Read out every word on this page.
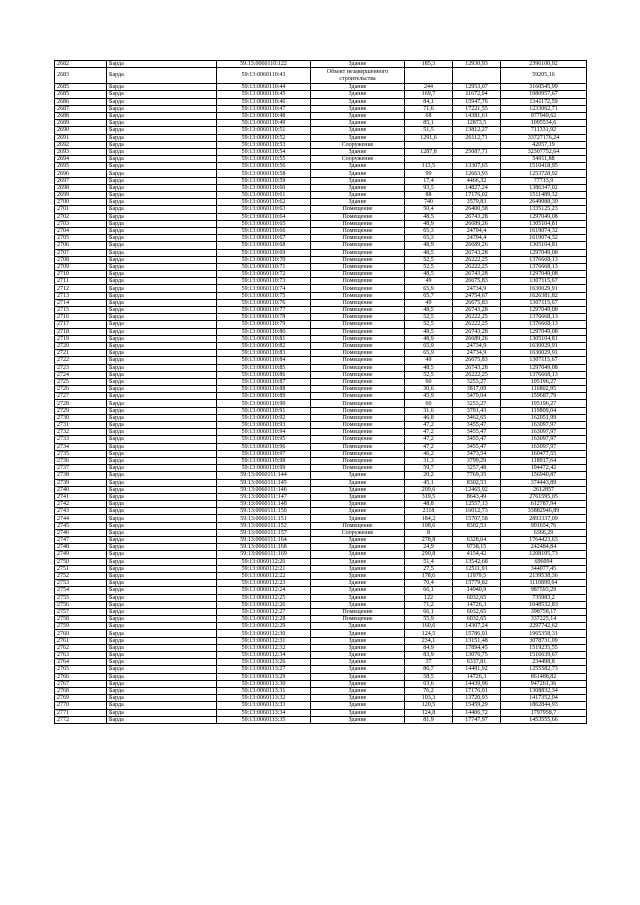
2682	Барда	59:13:0060110:122	Здание	185,3	12930,93	2396100,92
2683	Барда	59:13:0060110:43	Объект незавершенного строительства			59205,16
2685	Барда	59:13:0060110:44	Здание	244	12953,07	3160545,99
2685	Барда	59:13:0060110:45	Здание	169,7	11672,94	1980957,67
2686	Барда	59:13:0060110:46	Здание	84,1	15947,76	1341172,59
2687	Барда	59:13:0060110:47	Здание	71,6	17221,55	1233062,71
2688	Барда	59:13:0060110:48	Здание	68	14381,61	977949,62
2689	Барда	59:13:0060110:49	Здание	85,1	12873,5	1095534,6
2690	Барда	59:13:0060110:51	Здание	51,5	13812,27	711331,92
2691	Барда	59:13:0060110:52	Здание	1291,6	26112,71	33727176,24
2692	Барда	59:13:0060110:53	Сооружение			42057,19
2693	Барда	59:13:0060110:54	Здание	1287,8	25087,71	32307752,64
2694	Барда	59:13:0060110:55	Сооружение			54911,88
2695	Барда	59:13:0060110:56	Здание	113,5	13307,65	1510418,95
2696	Барда	59:13:0060110:58	Здание	99	12663,93	1253728,92
2697	Барда	59:13:0060110:59	Здание	17,4	4466,32	77713,9
2698	Барда	59:13:0060110:60	Здание	93,5	14827,24	1386347,02
2699	Барда	59:13:0060110:61	Здание	88	17176,02	1511489,32
2700	Барда	59:13:0060110:62	Здание	740	3579,83	2649088,39
2701	Барда	59:13:0060110:63	Помещение	50,4	26400,58	1335125,23
2702	Барда	59:13:0060110:64	Помещение	48,5	26743,28	1297049,08
2703	Барда	59:13:0060110:65	Помещение	48,9	26689,26	1305104,81
2704	Барда	59:13:0060110:66	Помещение	65,3	24794,4	1619074,32
2705	Барда	59:13:0060110:67	Помещение	65,3	24794,4	1619074,32
2706	Барда	59:13:0060110:68	Помещение	48,9	26689,26	1305104,81
2707	Барда	59:13:0060110:69	Помещение	48,5	26743,28	1297049,08
2708	Барда	59:13:0060110:70	Помещение	52,5	26222,25	1376668,13
2709	Барда	59:13:0060110:71	Помещение	52,5	26222,25	1376668,13
2710	Барда	59:13:0060110:72	Помещение	48,5	26743,28	1297049,08
2711	Барда	59:13:0060110:73	Помещение	49	26675,83	1307115,67
2712	Барда	59:13:0060110:74	Помещение	65,9	24734,9	1630029,91
2713	Барда	59:13:0060110:75	Помещение	65,7	24754,67	1626381,82
2714	Барда	59:13:0060110:76	Помещение	49	26675,83	1307115,67
2715	Барда	59:13:0060110:77	Помещение	48,5	26743,28	1297049,08
2716	Барда	59:13:0060110:78	Помещение	52,5	26222,25	1376668,13
2717	Барда	59:13:0060110:79	Помещение	52,5	26222,25	1376668,13
2718	Барда	59:13:0060110:80	Помещение	48,5	26743,28	1297049,08
2719	Барда	59:13:0060110:81	Помещение	48,9	26689,26	1305104,81
2720	Барда	59:13:0060110:82	Помещение	65,9	24734,9	1630029,91
2721	Барда	59:13:0060110:83	Помещение	65,9	24734,9	1630029,91
2722	Барда	59:13:0060110:84	Помещение	49	26675,83	1307115,67
2723	Барда	59:13:0060110:85	Помещение	48,5	26743,28	1297049,08
2724	Барда	59:13:0060110:86	Помещение	52,5	26222,25	1376668,13
2725	Барда	59:13:0060110:87	Помещение	60	3253,27	195196,27
2726	Барда	59:13:0060110:88	Помещение	30,6	3817,09	116802,95
2727	Барда	59:13:0060110:89	Помещение	45,9	3479,04	159687,79
2728	Барда	59:13:0060110:90	Помещение	60	3253,27	195196,27
2729	Барда	59:13:0060110:91	Помещение	31,6	3791,43	119809,04
2730	Барда	59:13:0060110:92	Помещение	46,8	3462,65	162051,99
2731	Барда	59:13:0060110:93	Помещение	47,2	3455,47	163097,97
2732	Барда	59:13:0060110:94	Помещение	47,2	3455,47	163097,97
2733	Барда	59:13:0060110:95	Помещение	47,2	3455,47	163097,97
2734	Барда	59:13:0060110:96	Помещение	47,2	3455,47	163097,97
2735	Барда	59:13:0060110:97	Помещение	46,2	3473,54	160477,55
2736	Барда	59:13:0060110:98	Помещение	31,3	3799,29	118917,64
2737	Барда	59:13:0060110:99	Помещение	59,7	3257,48	194472,42
2738	Барда	59:13:0060111:144	Здание	20,2	7769,35	156940,87
2739	Барда	59:13:0060111:145	Здание	45,1	8302,53	374443,89
2740	Барда	59:13:0060111:146	Здание	209,6	12465,92	2612857
2741	Барда	59:13:0060111:147	Здание	319,5	8643,49	2761595,05
2742	Барда	59:13:0060111:148	Здание	48,8	12557,13	612787,94
2743	Барда	59:13:0060111:150	Здание	2118	16012,73	33882946,89
2744	Барда	59:13:0060111:151	Здание	184,2	15707,58	2893337,09
2745	Барда	59:13:0060111:152	Помещение	108,6	8302,53	901654,76
2746	Барда	59:13:0060111:157	Сооружение	8		6366,29
2747	Барда	59:13:0060111:164	Здание	278,8	6328,64	1764423,63
2748	Барда	59:13:0060111:168	Здание	24,9	9738,15	242484,84
2749	Барда	59:13:0060111:169	Здание	290,8	4154,42	1208105,73
2750	Барда	59:13:0060112:20	Здание	51,4	13542,68	696094
2751	Барда	59:13:0060112:21	Здание	27,5	12511,91	344077,45
2752	Барда	59:13:0060112:22	Здание	178,6	11979,5	2139538,36
2753	Барда	59:13:0060112:23	Здание	70,4	15779,82	1110899,64
2754	Барда	59:13:0060112:24	Здание	66,1	14940,9	987593,29
2755	Барда	59:13:0060112:25	Здание	122	6032,65	735983,2
2756	Барда	59:13:0060112:26	Здание	71,2	14726,3	1048532,83
2757	Барда	59:13:0060112:27	Помещение	66,1	6032,65	398758,17
2758	Барда	59:13:0060112:28	Помещение	55,9	6032,65	337225,14
2759	Барда	59:13:0060112:29	Здание	160,6	14307,24	2297742,62
2760	Барда	59:13:0060112:30	Здание	124,5	15786,01	1965358,31
2761	Барда	59:13:0060112:31	Здание	234,1	13151,48	3078731,09
2762	Барда	59:13:0060112:32	Здание	84,9	17894,45	1519235,55
2763	Барда	59:13:0060112:34	Здание	83,9	13076,75	1516639,67
2764	Барда	59:13:0060113:26	Здание	37	6337,81	234498,8
2765	Барда	59:13:0060113:27	Здание	86,7	14481,92	1255582,73
2766	Барда	59:13:0060113:29	Здание	58,5	14726,3	861488,82
2767	Барда	59:13:0060113:30	Здание	63,6	14439,96	947261,36
2768	Барда	59:13:0060113:31	Здание	76,2	17176,01	1308832,34
2769	Барда	59:13:0060113:32	Здание	103,3	13720,93	1417352,04
2770	Барда	59:13:0060113:33	Здание	120,5	15459,29	1862844,93
2771	Барда	59:13:0060113:34	Здание	124,8	14406,72	1797958,7
2772	Барда	59:13:0060113:35	Здание	81,9	17747,97	1453555,66
